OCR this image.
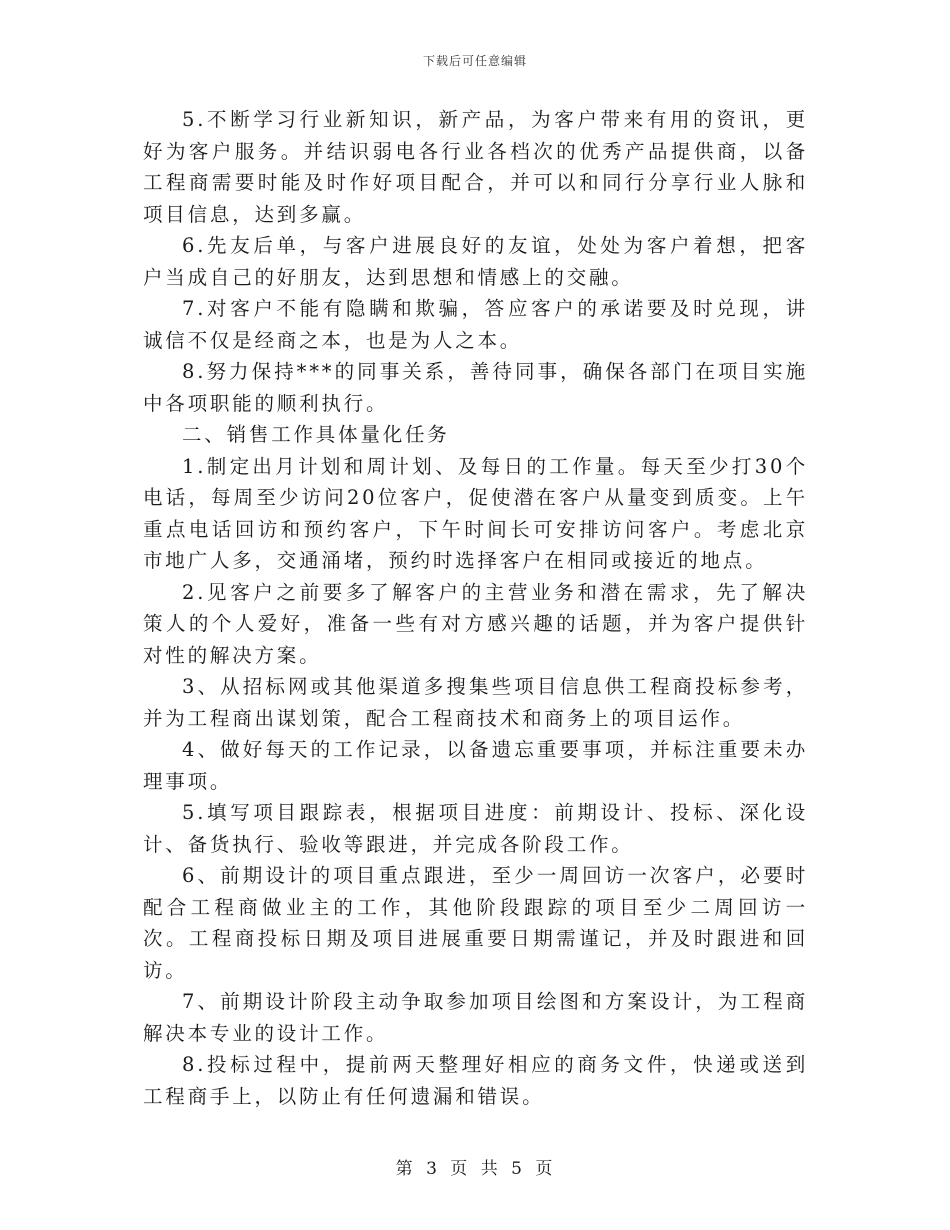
下载后可任意编辑

5.不断学习行业新知识，新产品，为客户带来有用的资讯，更好为客户服务。并结识弱电各行业各档次的优秀产品提供商，以备工程商需要时能及时作好项目配合，并可以和同行分享行业人脉和项目信息，达到多赢。

6.先友后单，与客户进展良好的友谊，处处为客户着想，把客户当成自己的好朋友，达到思想和情感上的交融。

7.对客户不能有隐瞒和欺骗，答应客户的承诺要及时兑现，讲诚信不仅是经商之本，也是为人之本。

8.努力保持***的同事关系，善待同事，确保各部门在项目实施中各项职能的顺利执行。

二、销售工作具体量化任务

1.制定出月计划和周计划、及每日的工作量。每天至少打30个电话，每周至少访问20位客户，促使潜在客户从量变到质变。上午重点电话回访和预约客户，下午时间长可安排访问客户。考虑北京市地广人多，交通涌堵，预约时选择客户在相同或接近的地点。

2.见客户之前要多了解客户的主营业务和潜在需求，先了解决策人的个人爱好，准备一些有对方感兴趣的话题，并为客户提供针对性的解决方案。

3、从招标网或其他渠道多搜集些项目信息供工程商投标参考，并为工程商出谋划策，配合工程商技术和商务上的项目运作。

4、做好每天的工作记录，以备遗忘重要事项，并标注重要未办理事项。

5.填写项目跟踪表，根据项目进度：前期设计、投标、深化设计、备货执行、验收等跟进，并完成各阶段工作。

6、前期设计的项目重点跟进，至少一周回访一次客户，必要时配合工程商做业主的工作，其他阶段跟踪的项目至少二周回访一次。工程商投标日期及项目进展重要日期需谨记，并及时跟进和回访。

7、前期设计阶段主动争取参加项目绘图和方案设计，为工程商解决本专业的设计工作。

8.投标过程中，提前两天整理好相应的商务文件，快递或送到工程商手上，以防止有任何遗漏和错误。

第 3 页 共 5 页
